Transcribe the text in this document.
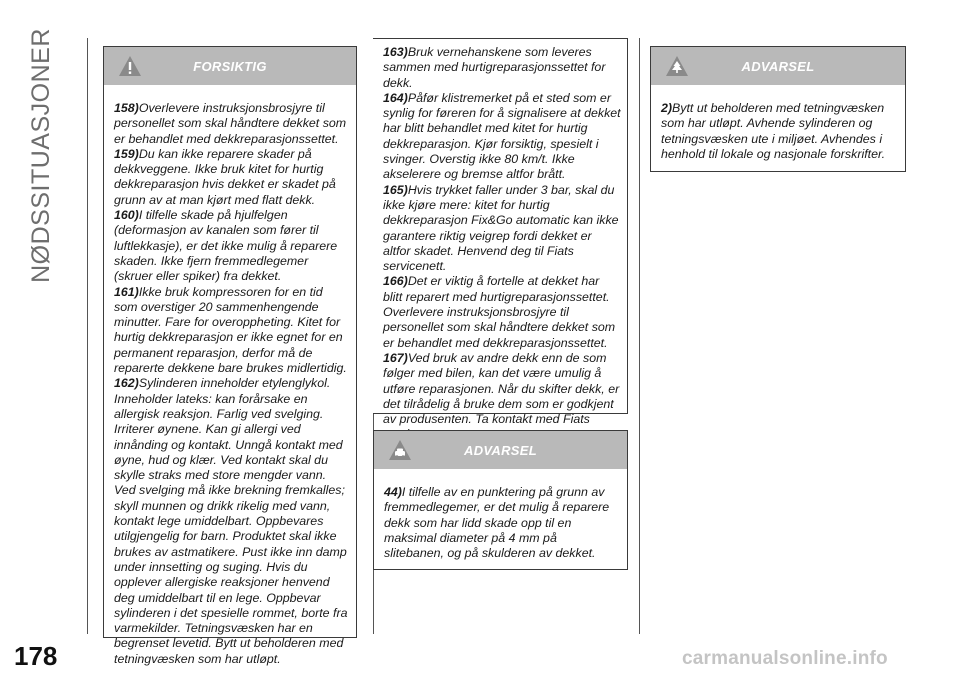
NØDSSITUASJONER	FORSIKTIG

158)Overlevere instruksjonsbrosjyre til personellet som skal håndtere dekket som er behandlet med dekkreparasjonssettet.

159)Du kan ikke reparere skader på dekkveggene. Ikke bruk kitet for hurtig dekkreparasjon hvis dekket er skadet på grunn av at man kjørt med flatt dekk.

160)I tilfelle skade på hjulfelgen (deformasjon av kanalen som fører til luftlekkasje), er det ikke mulig å reparere skaden. Ikke fjern fremmedlegemer (skruer eller spiker) fra dekket.

161)Ikke bruk kompressoren for en tid som overstiger 20 sammenhengende minutter. Fare for overoppheting. Kitet for hurtig dekkreparasjon er ikke egnet for en permanent reparasjon, derfor må de reparerte dekkene bare brukes midlertidig.

162)Sylinderen inneholder etylenglykol. Inneholder lateks: kan forårsake en allergisk reaksjon. Farlig ved svelging. Irriterer øynene. Kan gi allergi ved innånding og kontakt. Unngå kontakt med øyne, hud og klær. Ved kontakt skal du skylle straks med store mengder vann. Ved svelging må ikke brekning fremkalles; skyll munnen og drikk rikelig med vann, kontakt lege umiddelbart. Oppbevares utilgjengelig for barn. Produktet skal ikke brukes av astmatikere. Pust ikke inn damp under innsetting og suging. Hvis du opplever allergiske reaksjoner henvend deg umiddelbart til en lege. Oppbevar sylinderen i det spesielle rommet, borte fra varmekilder. Tetningsvæsken har en begrenset levetid. Bytt ut beholderen med tetningvæsken som har utløpt.

163)Bruk vernehanskene som leveres sammen med hurtigreparasjonssettet for dekk.

164)Påfør klistremerket på et sted som er synlig for føreren for å signalisere at dekket har blitt behandlet med kitet for hurtig dekkreparasjon. Kjør forsiktig, spesielt i svinger. Overstig ikke 80 km/t. Ikke akselerere og bremse altfor brått.

165)Hvis trykket faller under 3 bar, skal du ikke kjøre mere: kitet for hurtig dekkreparasjon Fix&Go automatic kan ikke garantere riktig veigrep fordi dekket er altfor skadet. Henvend deg til Fiats servicenett.

166)Det er viktig å fortelle at dekket har blitt reparert med hurtigreparasjonssettet. Overlevere instruksjonsbrosjyre til personellet som skal håndtere dekket som er behandlet med dekkreparasjonssettet.

167)Ved bruk av andre dekk enn de som følger med bilen, kan det være umulig å utføre reparasjonen. Når du skifter dekk, er det tilrådelig å bruke dem som er godkjent av produsenten. Ta kontakt med Fiats

ADVARSEL

44)I tilfelle av en punktering på grunn av fremmedlegemer, er det mulig å reparere dekk som har lidd skade opp til en maksimal diameter på 4 mm på slitebanen, og på skulderen av dekket.

ADVARSEL

2)Bytt ut beholderen med tetningvæsken som har utløpt. Avhende sylinderen og tetningsvæsken ute i miljøet. Avhendes i henhold til lokale og nasjonale forskrifter.

178	carmanualsonline.info
